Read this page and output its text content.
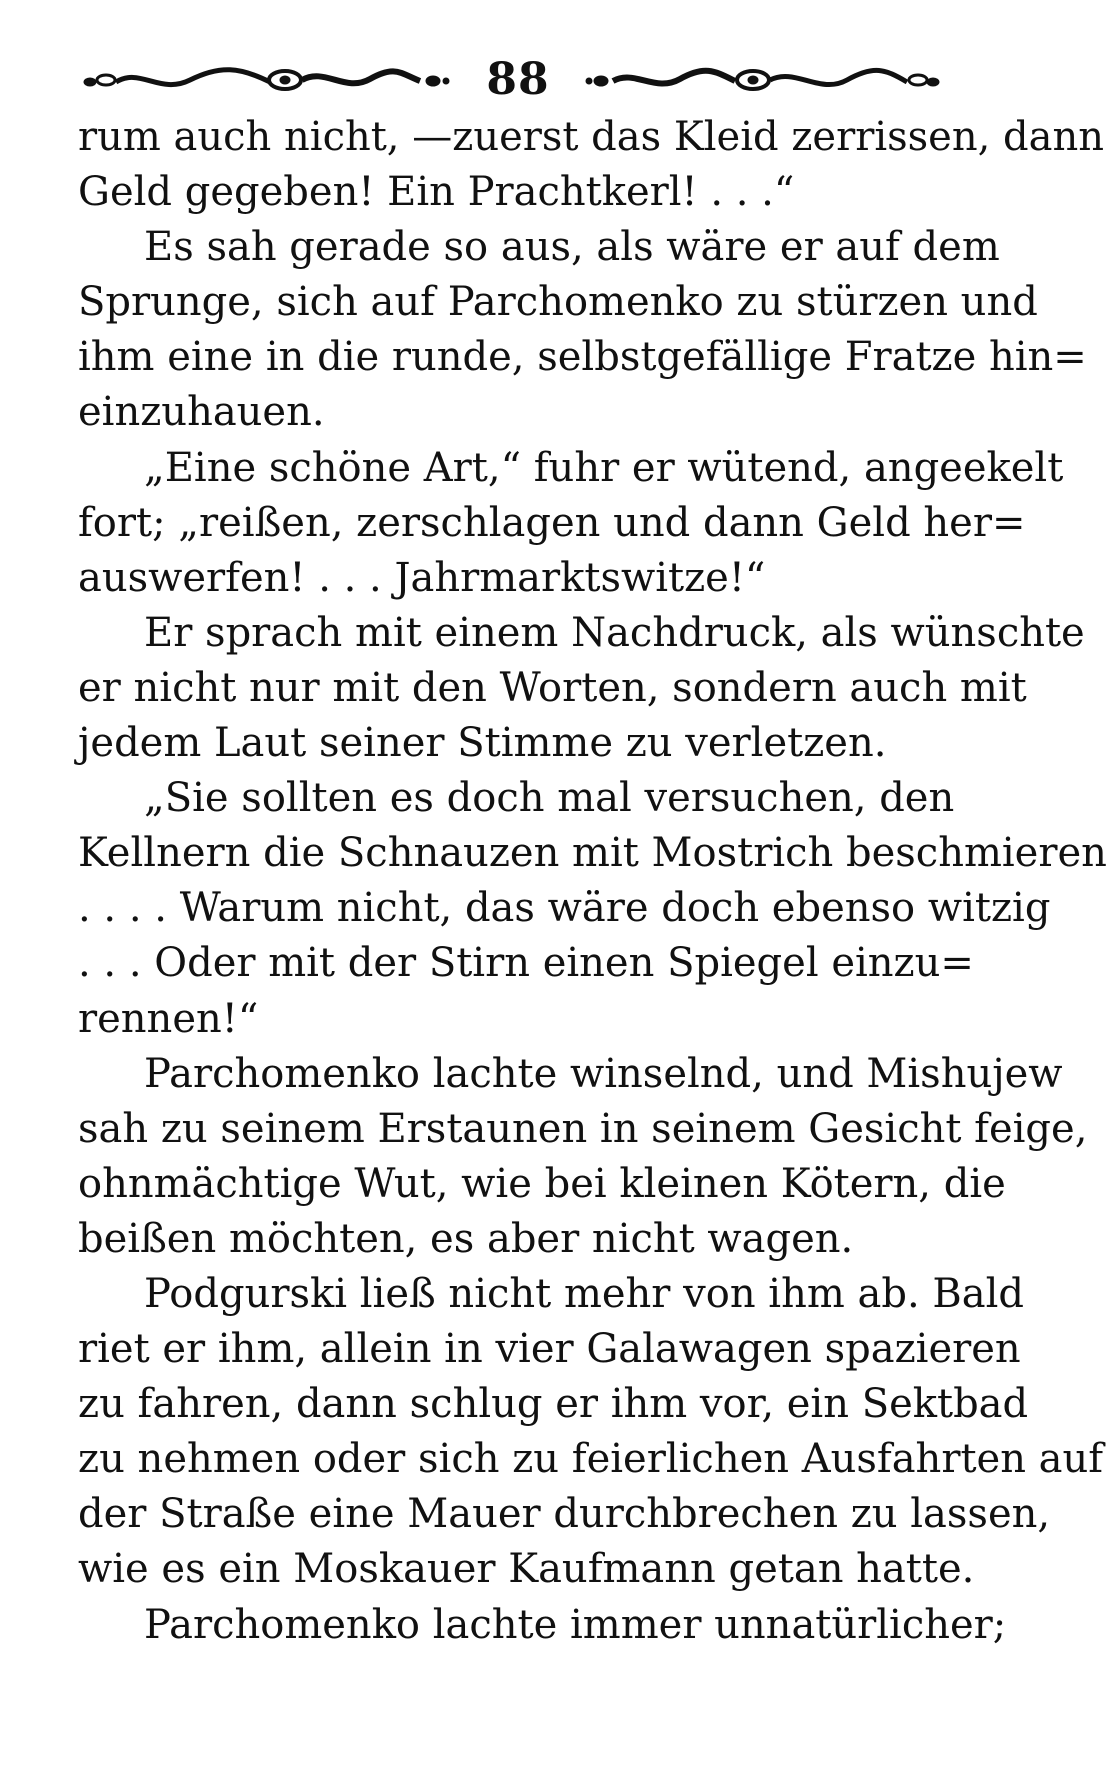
88
rum auch nicht, —zuerst das Kleid zerrissen, dann
Geld gegeben! Ein Prachtkerl! . . .“
Es sah gerade so aus, als wäre er auf dem
Sprunge, sich auf Parchomenko zu stürzen und
ihm eine in die runde, selbstgefällige Fratze hin=
einzuhauen.
„Eine schöne Art,“ fuhr er wütend, angeekelt
fort; „reißen, zerschlagen und dann Geld her=
auswerfen! . . . Jahrmarktswitze!“
Er sprach mit einem Nachdruck, als wünschte
er nicht nur mit den Worten, sondern auch mit
jedem Laut seiner Stimme zu verletzen.
„Sie sollten es doch mal versuchen, den
Kellnern die Schnauzen mit Mostrich beschmieren
. . . . Warum nicht, das wäre doch ebenso witzig
. . . Oder mit der Stirn einen Spiegel einzu=
rennen!“
Parchomenko lachte winselnd, und Mishujew
sah zu seinem Erstaunen in seinem Gesicht feige,
ohnmächtige Wut, wie bei kleinen Kötern, die
beißen möchten, es aber nicht wagen.
Podgurski ließ nicht mehr von ihm ab. Bald
riet er ihm, allein in vier Galawagen spazieren
zu fahren, dann schlug er ihm vor, ein Sektbad
zu nehmen oder sich zu feierlichen Ausfahrten auf
der Straße eine Mauer durchbrechen zu lassen,
wie es ein Moskauer Kaufmann getan hatte.
Parchomenko lachte immer unnatürlicher;
